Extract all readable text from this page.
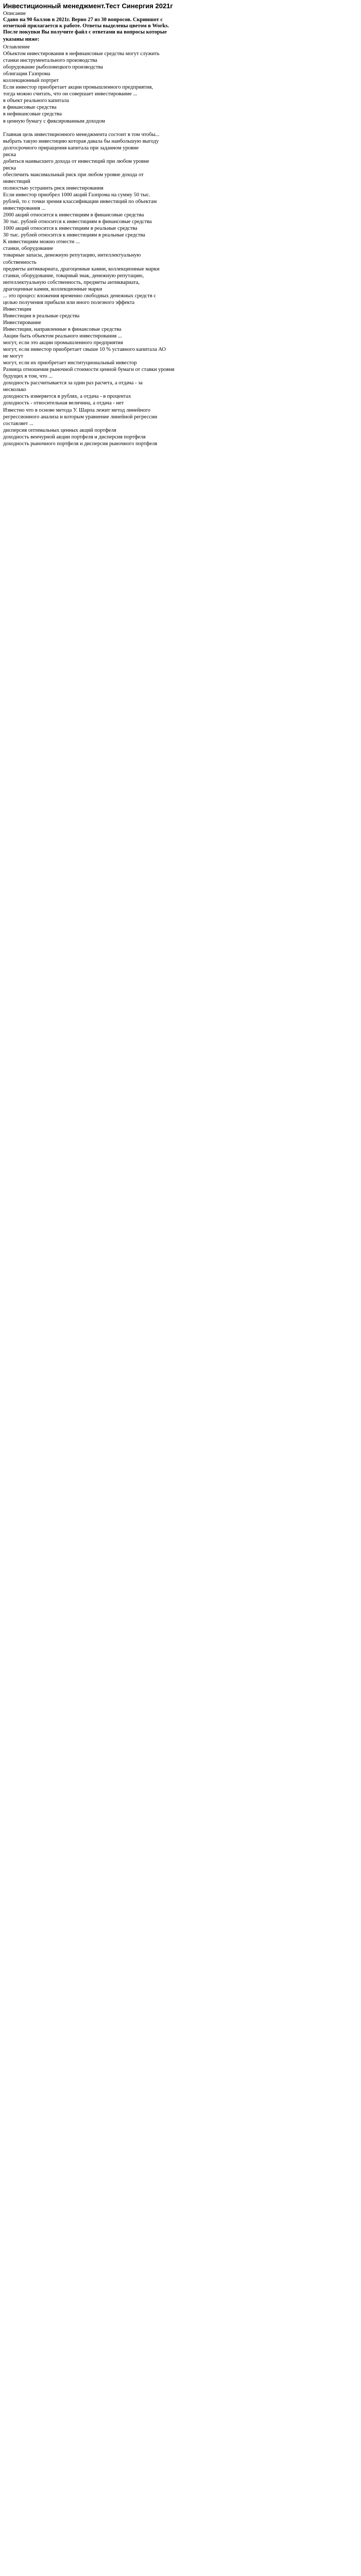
Инвестиционный менеджмент.Тест Синергия 2021г
Описание
Сдано на 90 баллов в 2021г. Верно 27 из 30 вопросов. Скриншот с
отметкой прилагается к работе. Ответы выделены цветом в Works.
После покупки Вы получите файл с ответами на вопросы которые
указаны ниже:
Оглавление
Объектом инвестирования в нефинансовые средства могут служить
станки инструментального производства
оборудование рыболовецкого производства
облигации Газпрома
коллекционный портрет
Если инвестор приобретает акции промышленного предприятия,
тогда можно считать, что он совершает инвестирование ...
в объект реального капитала
в финансовые средства
в нефинансовые средства
в ценную бумагу с фиксированным доходом
Главная цель инвестиционного менеджмента состоит в том чтобы...
выбрать такую инвестицию которая давала бы наибольшую выгоду
долгосрочного приращения капитала при заданном уровне
риска
добиться наивысшего дохода от инвестиций при любом уровне
риска
обеспечить максимальный риск при любом уровне дохода от
инвестиций
полностью устранить риск инвестирования
Если инвестор приобрел 1000 акций Газпрома на сумму 50 тыс.
рублей, то с точки зрения классификации инвестиций по объектам
инвестирования ...
2000 акций относится к инвестициям в финансовые средства
30 тыс. рублей относится к инвестициям в финансовые средства
1000 акций относится к инвестициям в реальные средства
30 тыс. рублей относится к инвестициям в реальные средства
К инвестициям можно отнести ...
станки, оборудование
товарные запасы, денежную репутацию, интеллектуальную
собственность
предметы антиквариата, драгоценные камни, коллекционные марки
станки, оборудование, товарный знак, денежную репутацию,
интеллектуальную собственность, предметы антиквариата,
драгоценные камни, коллекционные марки
... это процесс вложения временно свободных денежных средств с
целью получения прибыли или иного полезного эффекта
Инвестиции
Инвестиции в реальные средства
Инвестирование
Инвестиции, направленные в финансовые средства
Акции быть объектом реального инвестирования ...
могут, если это акции промышленного предприятия
могут, если инвестор приобретает свыше 10 % уставного капитала АО
не могут
могут, если их приобретает институциональный инвестор
Разница отношения рыночной стоимости ценной бумаги от ставки уровня
будущих в том, что ...
доходность рассчитывается за один раз расчета, а отдача - за
несколько
доходность измеряется в рублях, а отдача - в процентах
доходность - относительная величина, а отдача - нет
Известно что в основе метода У. Шарпа лежит метод линейного
регрессионного анализа и которым уравнение линейной регрессии
составляет ...
дисперсия оптимальных ценных акций портфеля
доходность венчурной акции портфеля и дисперсия портфеля
доходность рыночного портфеля и дисперсия рыночного портфеля
